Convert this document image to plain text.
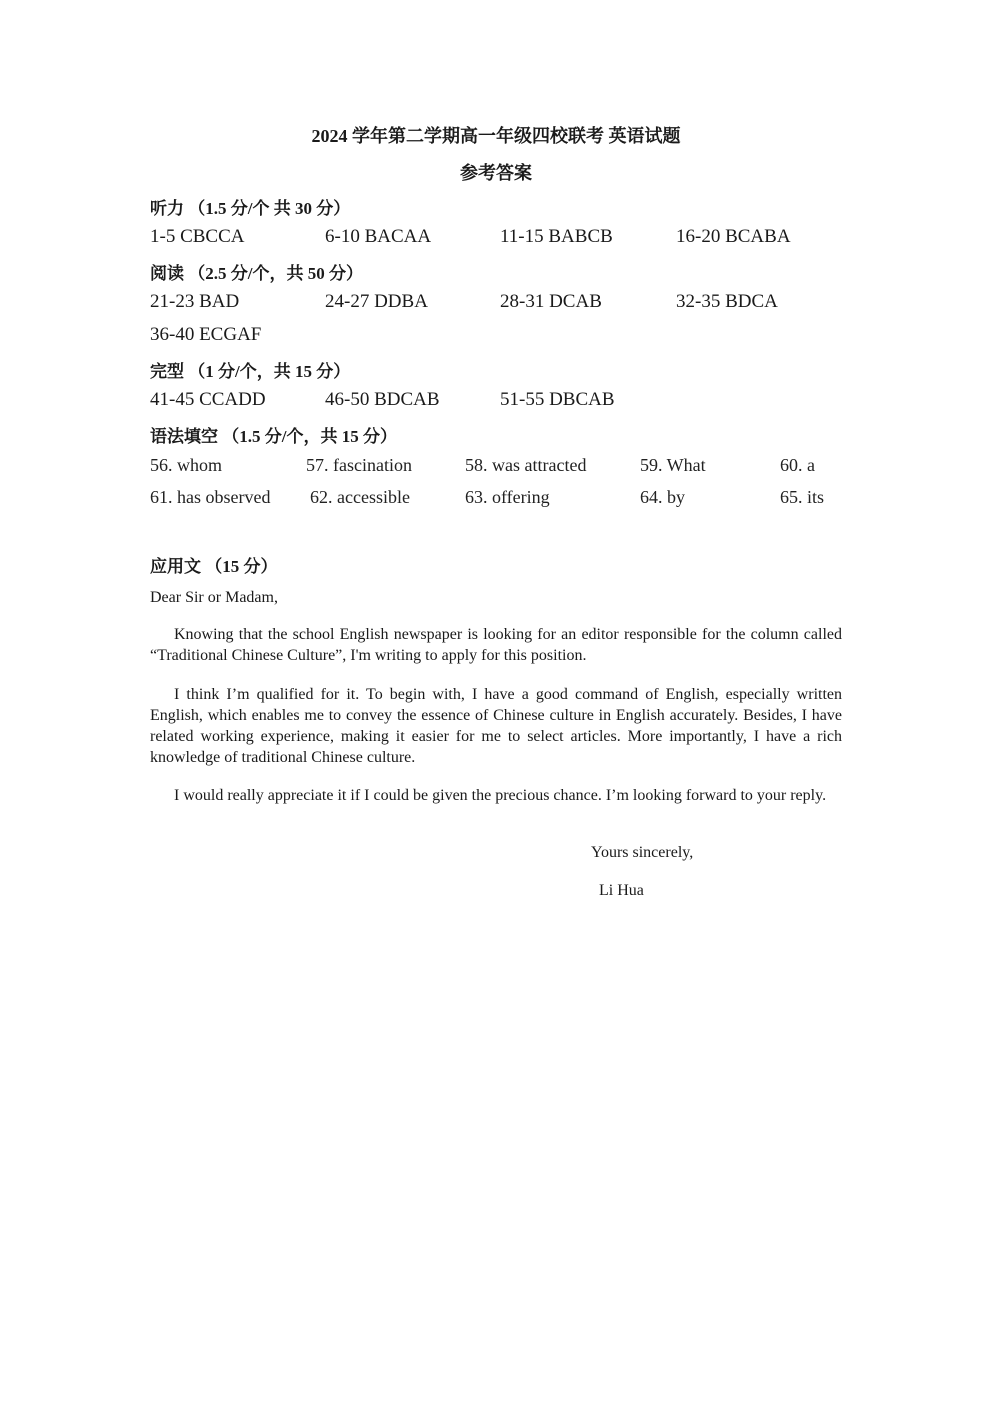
2024 学年第二学期高一年级四校联考 英语试题
参考答案
听力 （1.5 分/个 共 30 分）
1-5 CBCCA	6-10 BACAA	11-15 BABCB	16-20 BCABA
阅读 （2.5 分/个，共 50 分）
21-23 BAD	24-27 DDBA	28-31 DCAB	32-35 BDCA
36-40 ECGAF
完型 （1 分/个，共 15 分）
41-45 CCADD	46-50 BDCAB	51-55 DBCAB
语法填空 （1.5 分/个，共 15 分）
56. whom	57. fascination	58. was attracted	59. What	60. a
61. has observed 62. accessible	63. offering	64. by	65. its
应用文 （15 分）
Dear Sir or Madam,

Knowing that the school English newspaper is looking for an editor responsible for the column called “Traditional Chinese Culture”, I'm writing to apply for this position.

I think I’m qualified for it. To begin with, I have a good command of English, especially written English, which enables me to convey the essence of Chinese culture in English accurately. Besides, I have related working experience, making it easier for me to select articles. More importantly, I have a rich knowledge of traditional Chinese culture.

I would really appreciate it if I could be given the precious chance. I’m looking forward to your reply.

Yours sincerely,
Li Hua
